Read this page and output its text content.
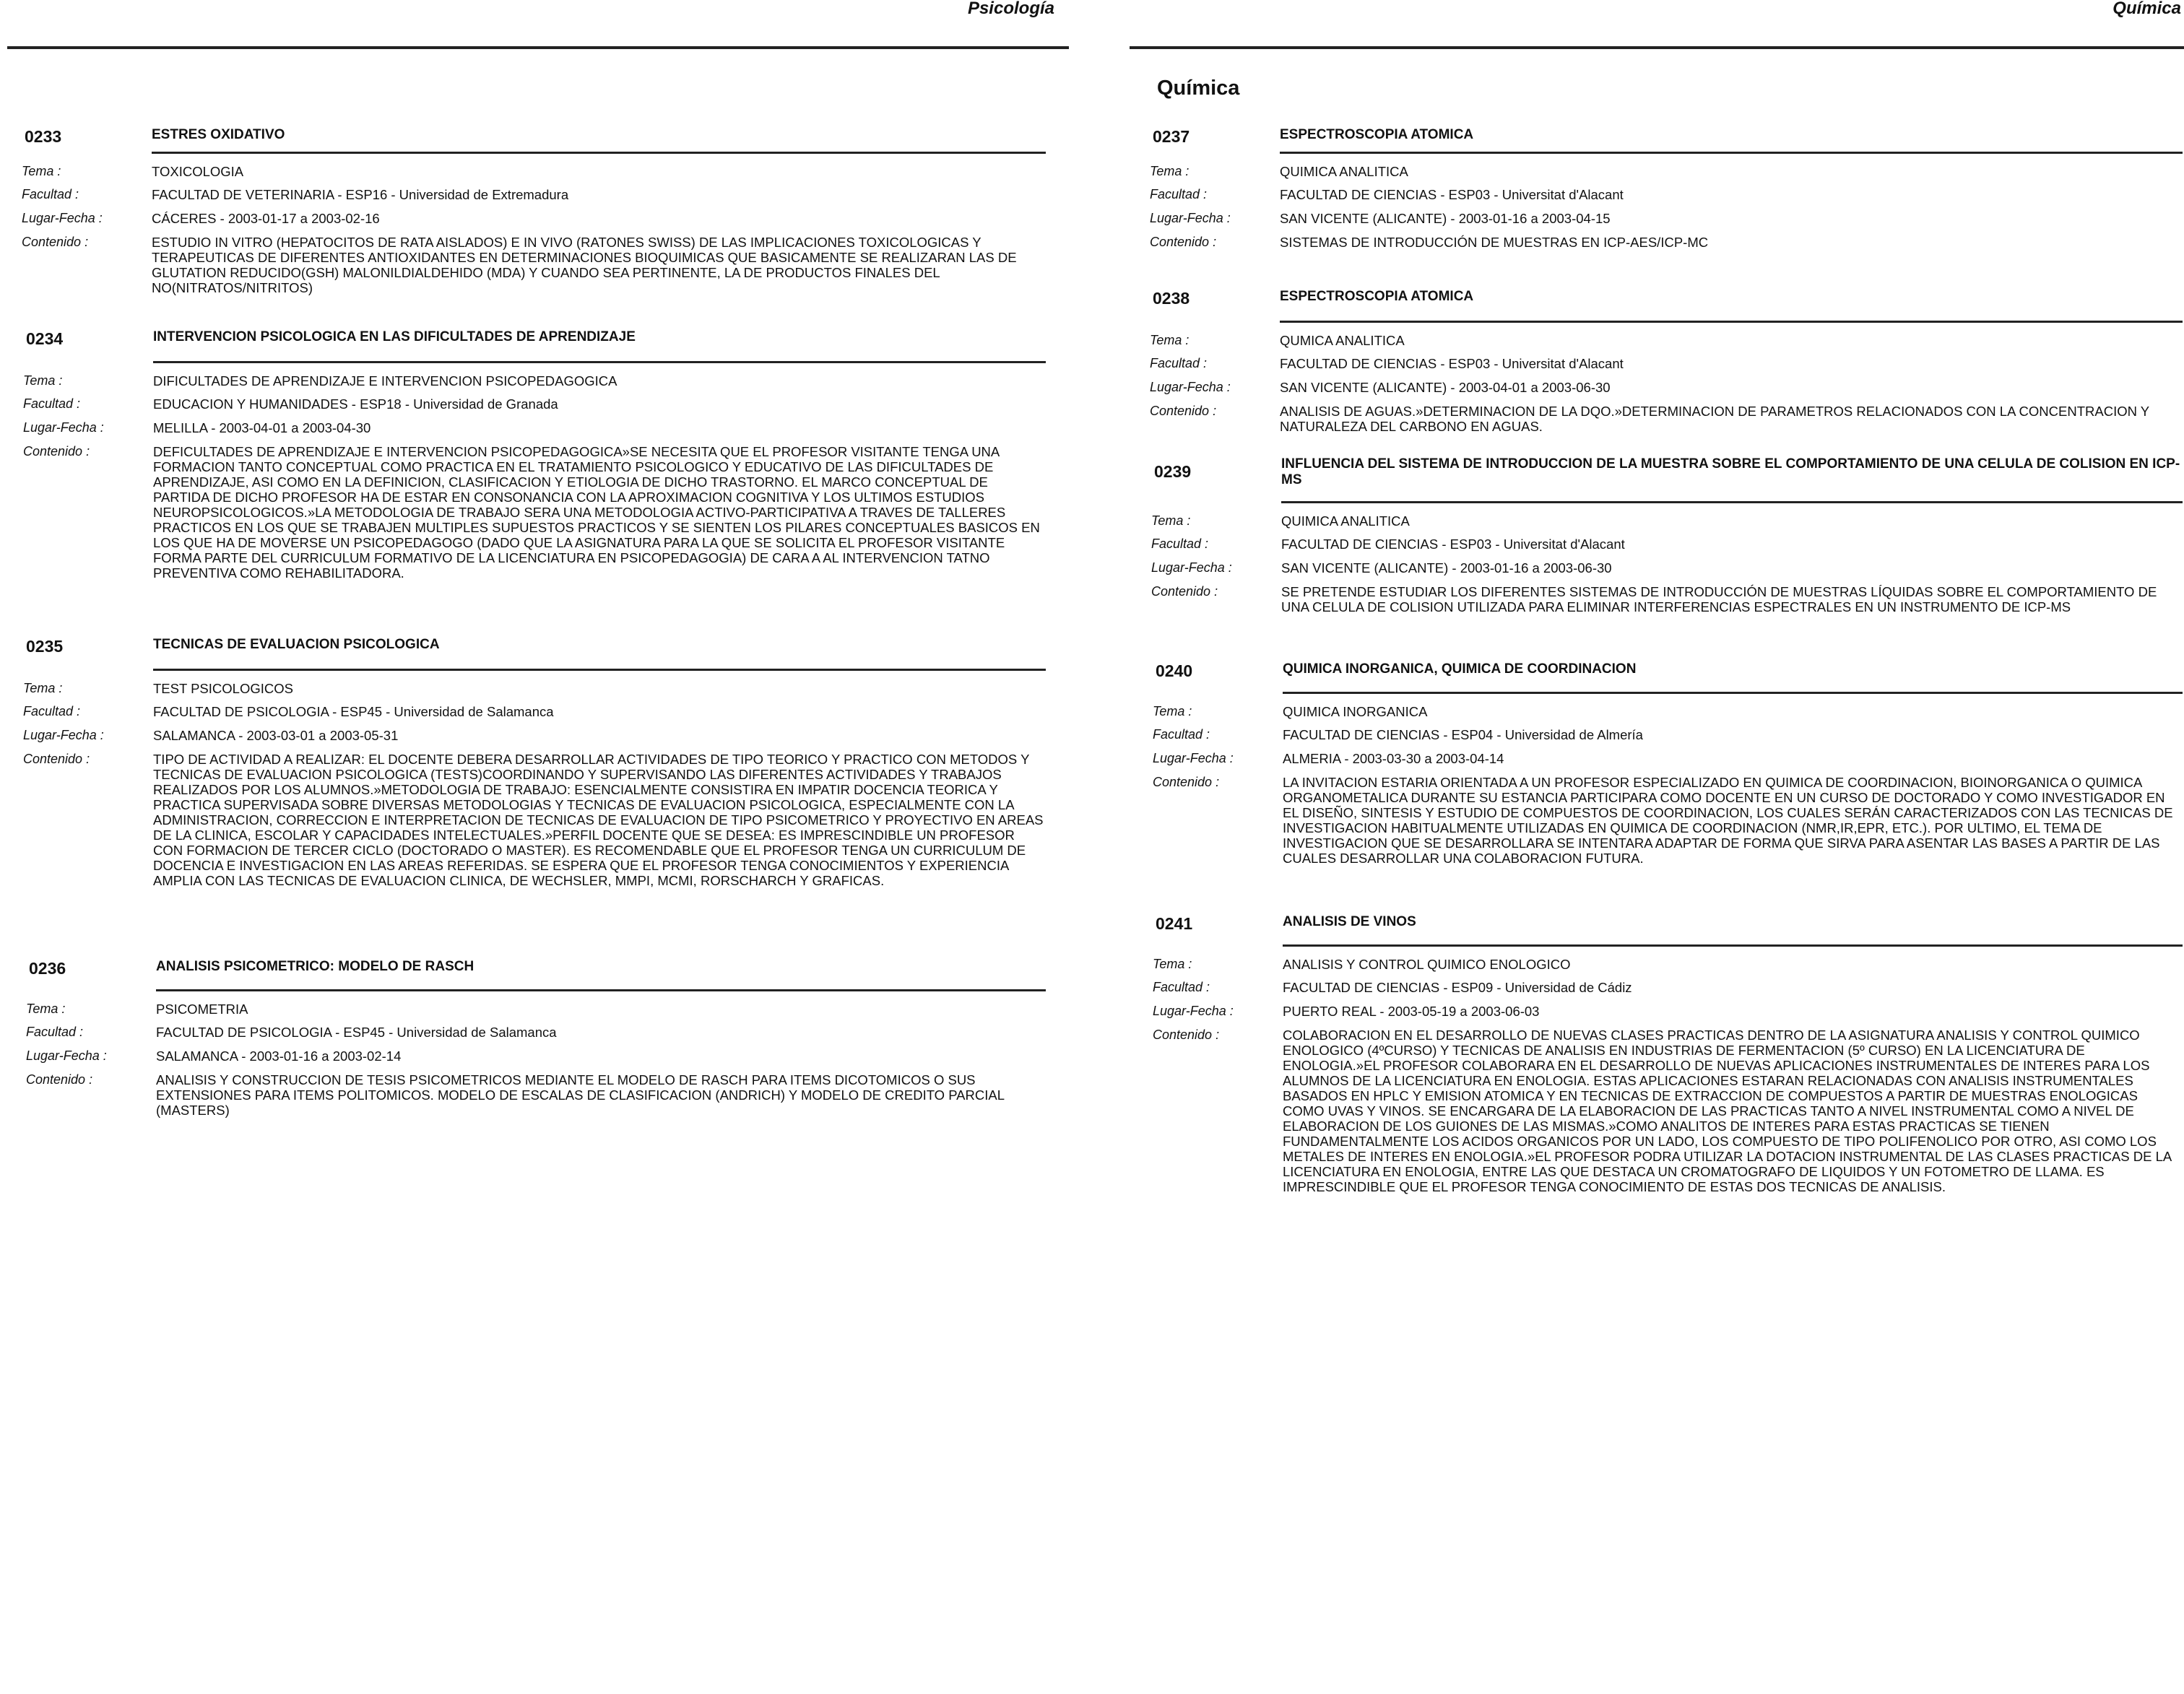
Psicología
0233	ESTRES OXIDATIVO
Tema :	TOXICOLOGIA
Facultad :	FACULTAD DE VETERINARIA - ESP16 - Universidad de Extremadura
Lugar-Fecha :	CÁCERES - 2003-01-17 a 2003-02-16
Contenido :	ESTUDIO IN VITRO (HEPATOCITOS DE RATA AISLADOS) E IN VIVO (RATONES SWISS) DE LAS IMPLICACIONES TOXICOLOGICAS Y TERAPEUTICAS DE DIFERENTES ANTIOXIDANTES EN DETERMINACIONES BIOQUIMICAS QUE BASICAMENTE SE REALIZARAN LAS DE GLUTATION REDUCIDO(GSH) MALONILDIALDEHIDO (MDA) Y CUANDO SEA PERTINENTE, LA DE PRODUCTOS FINALES DEL NO(NITRATOS/NITRITOS)
0234	INTERVENCION PSICOLOGICA EN LAS DIFICULTADES DE APRENDIZAJE
Tema :	DIFICULTADES DE APRENDIZAJE E INTERVENCION PSICOPEDAGOGICA
Facultad :	EDUCACION Y HUMANIDADES - ESP18 - Universidad de Granada
Lugar-Fecha :	MELILLA - 2003-04-01 a 2003-04-30
Contenido :	DEFICULTADES DE APRENDIZAJE E INTERVENCION PSICOPEDAGOGICA»SE NECESITA QUE EL PROFESOR VISITANTE TENGA UNA FORMACION TANTO CONCEPTUAL COMO PRACTICA EN EL TRATAMIENTO PSICOLOGICO Y EDUCATIVO DE LAS DIFICULTADES DE APRENDIZAJE, ASI COMO EN LA DEFINICION, CLASIFICACION Y ETIOLOGIA DE DICHO TRASTORNO. EL MARCO CONCEPTUAL DE PARTIDA DE DICHO PROFESOR HA DE ESTAR EN CONSONANCIA CON LA APROXIMACION COGNITIVA Y LOS ULTIMOS ESTUDIOS NEUROPSICOLOGICOS.»LA METODOLOGIA DE TRABAJO SERA UNA METODOLOGIA ACTIVO-PARTICIPATIVA A TRAVES DE TALLERES PRACTICOS EN LOS QUE SE TRABAJEN MULTIPLES SUPUESTOS PRACTICOS Y SE SIENTEN LOS PILARES CONCEPTUALES BASICOS EN LOS QUE HA DE MOVERSE UN PSICOPEDAGOGO (DADO QUE LA ASIGNATURA PARA LA QUE SE SOLICITA EL PROFESOR VISITANTE FORMA PARTE DEL CURRICULUM FORMATIVO DE LA LICENCIATURA EN PSICOPEDAGOGIA) DE CARA A AL INTERVENCION TATNO PREVENTIVA COMO REHABILITADORA.
0235	TECNICAS DE EVALUACION PSICOLOGICA
Tema :	TEST PSICOLOGICOS
Facultad :	FACULTAD DE PSICOLOGIA - ESP45 - Universidad de Salamanca
Lugar-Fecha :	SALAMANCA - 2003-03-01 a 2003-05-31
Contenido :	TIPO DE ACTIVIDAD A REALIZAR: EL DOCENTE DEBERA DESARROLLAR ACTIVIDADES DE TIPO TEORICO Y PRACTICO CON METODOS Y TECNICAS DE EVALUACION PSICOLOGICA (TESTS)COORDINANDO Y SUPERVISANDO LAS DIFERENTES ACTIVIDADES Y TRABAJOS REALIZADOS POR LOS ALUMNOS.»METODOLOGIA DE TRABAJO: ESENCIALMENTE CONSISTIRA EN IMPATIR DOCENCIA TEORICA Y PRACTICA SUPERVISADA SOBRE DIVERSAS METODOLOGIAS Y TECNICAS DE EVALUACION PSICOLOGICA, ESPECIALMENTE CON LA ADMINISTRACION, CORRECCION E INTERPRETACION DE TECNICAS DE EVALUACION DE TIPO PSICOMETRICO Y PROYECTIVO EN AREAS DE LA CLINICA, ESCOLAR Y CAPACIDADES INTELECTUALES.»PERFIL DOCENTE QUE SE DESEA: ES IMPRESCINDIBLE UN PROFESOR CON FORMACION DE TERCER CICLO (DOCTORADO O MASTER). ES RECOMENDABLE QUE EL PROFESOR TENGA UN CURRICULUM DE DOCENCIA E INVESTIGACION EN LAS AREAS REFERIDAS. SE ESPERA QUE EL PROFESOR TENGA CONOCIMIENTOS Y EXPERIENCIA AMPLIA CON LAS TECNICAS DE EVALUACION CLINICA, DE WECHSLER, MMPI, MCMI, RORSCHARCH Y GRAFICAS.
0236	ANALISIS PSICOMETRICO: MODELO DE RASCH
Tema :	PSICOMETRIA
Facultad :	FACULTAD DE PSICOLOGIA - ESP45 - Universidad de Salamanca
Lugar-Fecha :	SALAMANCA - 2003-01-16 a 2003-02-14
Contenido :	ANALISIS Y CONSTRUCCION DE TESIS PSICOMETRICOS MEDIANTE EL MODELO DE RASCH PARA ITEMS DICOTOMICOS O SUS EXTENSIONES PARA ITEMS POLITOMICOS. MODELO DE ESCALAS DE CLASIFICACION (ANDRICH) Y MODELO DE CREDITO PARCIAL (MASTERS)
Química
Química
0237	ESPECTROSCOPIA ATOMICA
Tema :	QUIMICA ANALITICA
Facultad :	FACULTAD DE CIENCIAS - ESP03 - Universitat d'Alacant
Lugar-Fecha :	SAN VICENTE (ALICANTE) - 2003-01-16 a 2003-04-15
Contenido :	SISTEMAS DE INTRODUCCIÓN DE MUESTRAS EN ICP-AES/ICP-MC
0238	ESPECTROSCOPIA ATOMICA
Tema :	QUMICA ANALITICA
Facultad :	FACULTAD DE CIENCIAS - ESP03 - Universitat d'Alacant
Lugar-Fecha :	SAN VICENTE (ALICANTE) - 2003-04-01 a 2003-06-30
Contenido :	ANALISIS DE AGUAS.»DETERMINACION DE LA DQO.»DETERMINACION DE PARAMETROS RELACIONADOS CON LA CONCENTRACION Y NATURALEZA DEL CARBONO EN AGUAS.
0239	INFLUENCIA DEL SISTEMA DE INTRODUCCION DE LA MUESTRA SOBRE EL COMPORTAMIENTO DE UNA CELULA DE COLISION EN ICP-MS
Tema :	QUIMICA ANALITICA
Facultad :	FACULTAD DE CIENCIAS - ESP03 - Universitat d'Alacant
Lugar-Fecha :	SAN VICENTE (ALICANTE) - 2003-01-16 a 2003-06-30
Contenido :	SE PRETENDE ESTUDIAR LOS DIFERENTES SISTEMAS DE INTRODUCCIÓN DE MUESTRAS LÍQUIDAS SOBRE EL COMPORTAMIENTO DE UNA CELULA DE COLISION UTILIZADA PARA ELIMINAR INTERFERENCIAS ESPECTRALES EN UN INSTRUMENTO DE ICP-MS
0240	QUIMICA INORGANICA, QUIMICA DE COORDINACION
Tema :	QUIMICA INORGANICA
Facultad :	FACULTAD DE CIENCIAS - ESP04 - Universidad de Almería
Lugar-Fecha :	ALMERIA - 2003-03-30 a 2003-04-14
Contenido :	LA INVITACION ESTARIA ORIENTADA A UN PROFESOR ESPECIALIZADO EN QUIMICA DE COORDINACION, BIOINORGANICA O QUIMICA ORGANOMETALICA DURANTE SU ESTANCIA PARTICIPARA COMO DOCENTE EN UN CURSO DE DOCTORADO Y COMO INVESTIGADOR EN EL DISEÑO, SINTESIS Y ESTUDIO DE COMPUESTOS DE COORDINACION, LOS CUALES SERÁN CARACTERIZADOS CON LAS TECNICAS DE INVESTIGACION HABITUALMENTE UTILIZADAS EN QUIMICA DE COORDINACION (NMR,IR,EPR, ETC.). POR ULTIMO, EL TEMA DE INVESTIGACION QUE SE DESARROLLARA SE INTENTARA ADAPTAR DE FORMA QUE SIRVA PARA ASENTAR LAS BASES A PARTIR DE LAS CUALES DESARROLLAR UNA COLABORACION FUTURA.
0241	ANALISIS DE VINOS
Tema :	ANALISIS Y CONTROL QUIMICO ENOLOGICO
Facultad :	FACULTAD DE CIENCIAS - ESP09 - Universidad de Cádiz
Lugar-Fecha :	PUERTO REAL - 2003-05-19 a 2003-06-03
Contenido :	COLABORACION EN EL DESARROLLO DE NUEVAS CLASES PRACTICAS DENTRO DE LA ASIGNATURA ANALISIS Y CONTROL QUIMICO ENOLOGICO (4ºCURSO) Y TECNICAS DE ANALISIS EN INDUSTRIAS DE FERMENTACION (5º CURSO) EN LA LICENCIATURA DE ENOLOGIA.»EL PROFESOR COLABORARA EN EL DESARROLLO DE NUEVAS APLICACIONES INSTRUMENTALES DE INTERES PARA LOS ALUMNOS DE LA LICENCIATURA EN ENOLOGIA. ESTAS APLICACIONES ESTARAN RELACIONADAS CON ANALISIS INSTRUMENTALES BASADOS EN HPLC Y EMISION ATOMICA Y EN TECNICAS DE EXTRACCION DE COMPUESTOS A PARTIR DE MUESTRAS ENOLOGICAS COMO UVAS Y VINOS. SE ENCARGARA DE LA ELABORACION DE LAS PRACTICAS TANTO A NIVEL INSTRUMENTAL COMO A NIVEL DE ELABORACION DE LOS GUIONES DE LAS MISMAS.»COMO ANALITOS DE INTERES PARA ESTAS PRACTICAS SE TIENEN FUNDAMENTALMENTE LOS ACIDOS ORGANICOS POR UN LADO, LOS COMPUESTO DE TIPO POLIFENOLICO POR OTRO, ASI COMO LOS METALES DE INTERES EN ENOLOGIA.»EL PROFESOR PODRA UTILIZAR LA DOTACION INSTRUMENTAL DE LAS CLASES PRACTICAS DE LA LICENCIATURA EN ENOLOGIA, ENTRE LAS QUE DESTACA UN CROMATOGRAFO DE LIQUIDOS Y UN FOTOMETRO DE LLAMA. ES IMPRESCINDIBLE QUE EL PROFESOR TENGA CONOCIMIENTO DE ESTAS DOS TECNICAS DE ANALISIS.
